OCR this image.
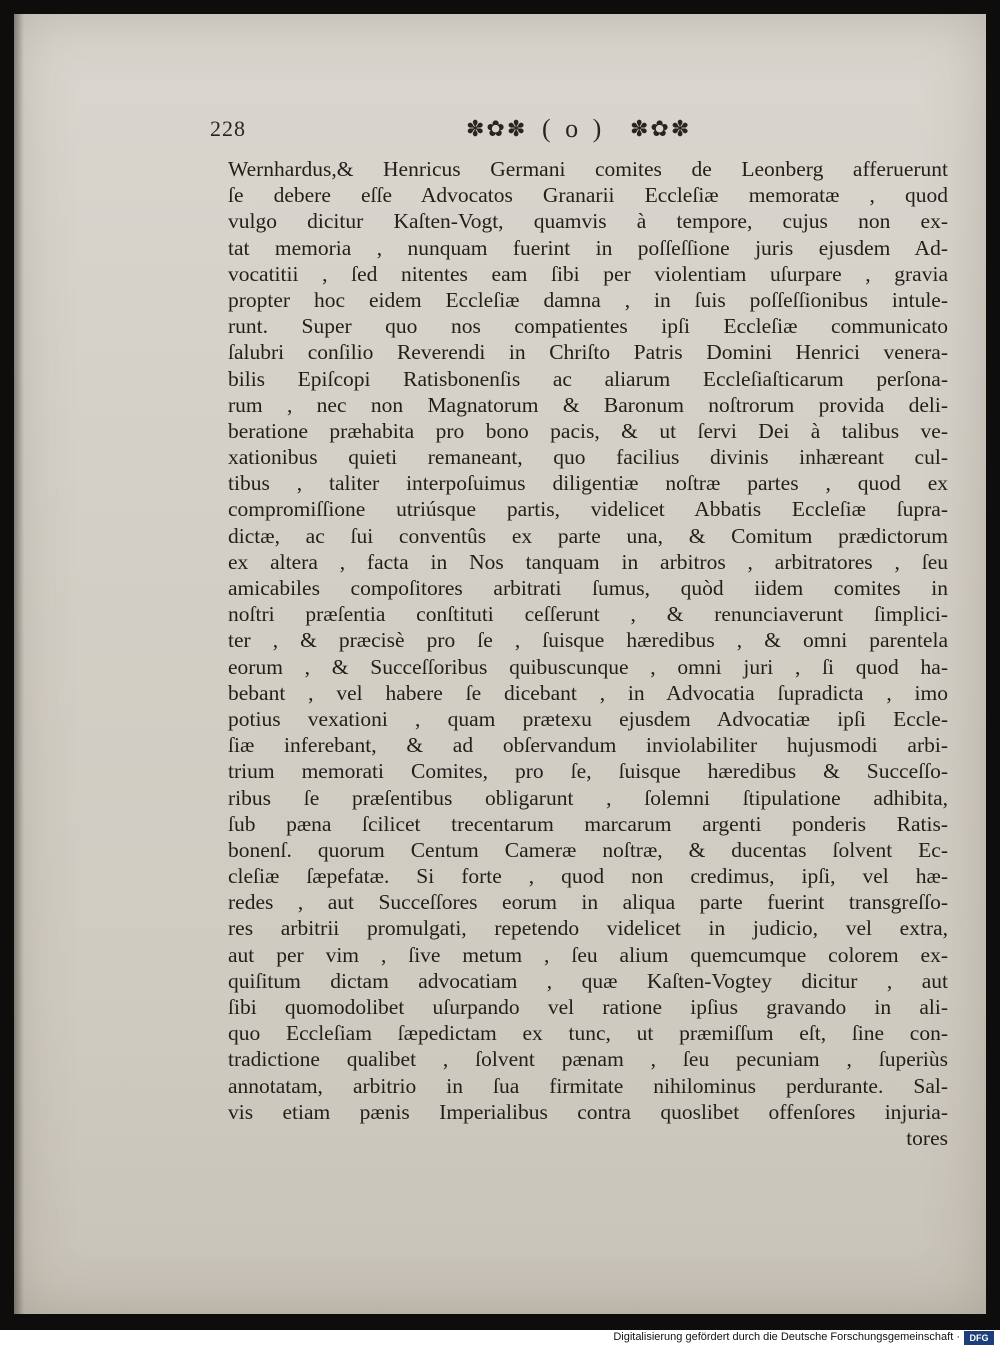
228	✽✿✽ ( o ) ✽✿✽
Wernhardus,& Henricus Germani comites de Leonberg afferuerunt
ſe debere eſſe Advocatos Granarii Eccleſiæ memoratæ , quod
vulgo dicitur Kaſten-Vogt, quamvis à tempore, cujus non ex-
tat memoria , nunquam fuerint in poſſeſſione juris ejusdem Ad-
vocatitii , ſed nitentes eam ſibi per violentiam uſurpare , gravia
propter hoc eidem Eccleſiæ damna , in ſuis poſſeſſionibus intule-
runt. Super quo nos compatientes ipſi Eccleſiæ communicato
ſalubri conſilio Reverendi in Chriſto Patris Domini Henrici venera-
bilis Epiſcopi Ratisbonenſis ac aliarum Eccleſiaſticarum perſona-
rum , nec non Magnatorum & Baronum noſtrorum provida deli-
beratione præhabita pro bono pacis, & ut ſervi Dei à talibus ve-
xationibus quieti remaneant, quo facilius divinis inhæreant cul-
tibus , taliter interpoſuimus diligentiæ noſtræ partes , quod ex
compromiſſione utriúsque partis, videlicet Abbatis Eccleſiæ ſupra-
dictæ, ac ſui conventûs ex parte una, & Comitum prædictorum
ex altera , facta in Nos tanquam in arbitros , arbitratores , ſeu
amicabiles compoſitores arbitrati ſumus, quòd iidem comites in
noſtri præſentia conſtituti ceſſerunt , & renunciaverunt ſimplici-
ter , & præcisè pro ſe , ſuisque hæredibus , & omni parentela
eorum , & Succeſſoribus quibuscunque , omni juri , ſi quod ha-
bebant , vel habere ſe dicebant , in Advocatia ſupradicta , imo
potius vexationi , quam prætexu ejusdem Advocatiæ ipſi Eccle-
ſiæ inferebant, & ad obſervandum inviolabiliter hujusmodi arbi-
trium memorati Comites, pro ſe, ſuisque hæredibus & Succeſſo-
ribus ſe præſentibus obligarunt , ſolemni ſtipulatione adhibita,
ſub pæna ſcilicet trecentarum marcarum argenti ponderis Ratis-
bonenſ. quorum Centum Cameræ noſtræ, & ducentas ſolvent Ec-
cleſiæ ſæpefatæ. Si forte , quod non credimus, ipſi, vel hæ-
redes , aut Succeſſores eorum in aliqua parte fuerint transgreſſo-
res arbitrii promulgati, repetendo videlicet in judicio, vel extra,
aut per vim , ſive metum , ſeu alium quemcumque colorem ex-
quiſitum dictam advocatiam , quæ Kaſten-Vogtey dicitur , aut
ſibi quomodolibet uſurpando vel ratione ipſius gravando in ali-
quo Eccleſiam ſæpedictam ex tunc, ut præmiſſum eſt, ſine con-
tradictione qualibet , ſolvent pænam , ſeu pecuniam , ſuperiùs
annotatam, arbitrio in ſua firmitate nihilominus perdurante. Sal-
vis etiam pænis Imperialibus contra quoslibet offenſores injuria-
tores
Digitalisierung gefördert durch die Deutsche Forschungsgemeinschaft ·	DFG
